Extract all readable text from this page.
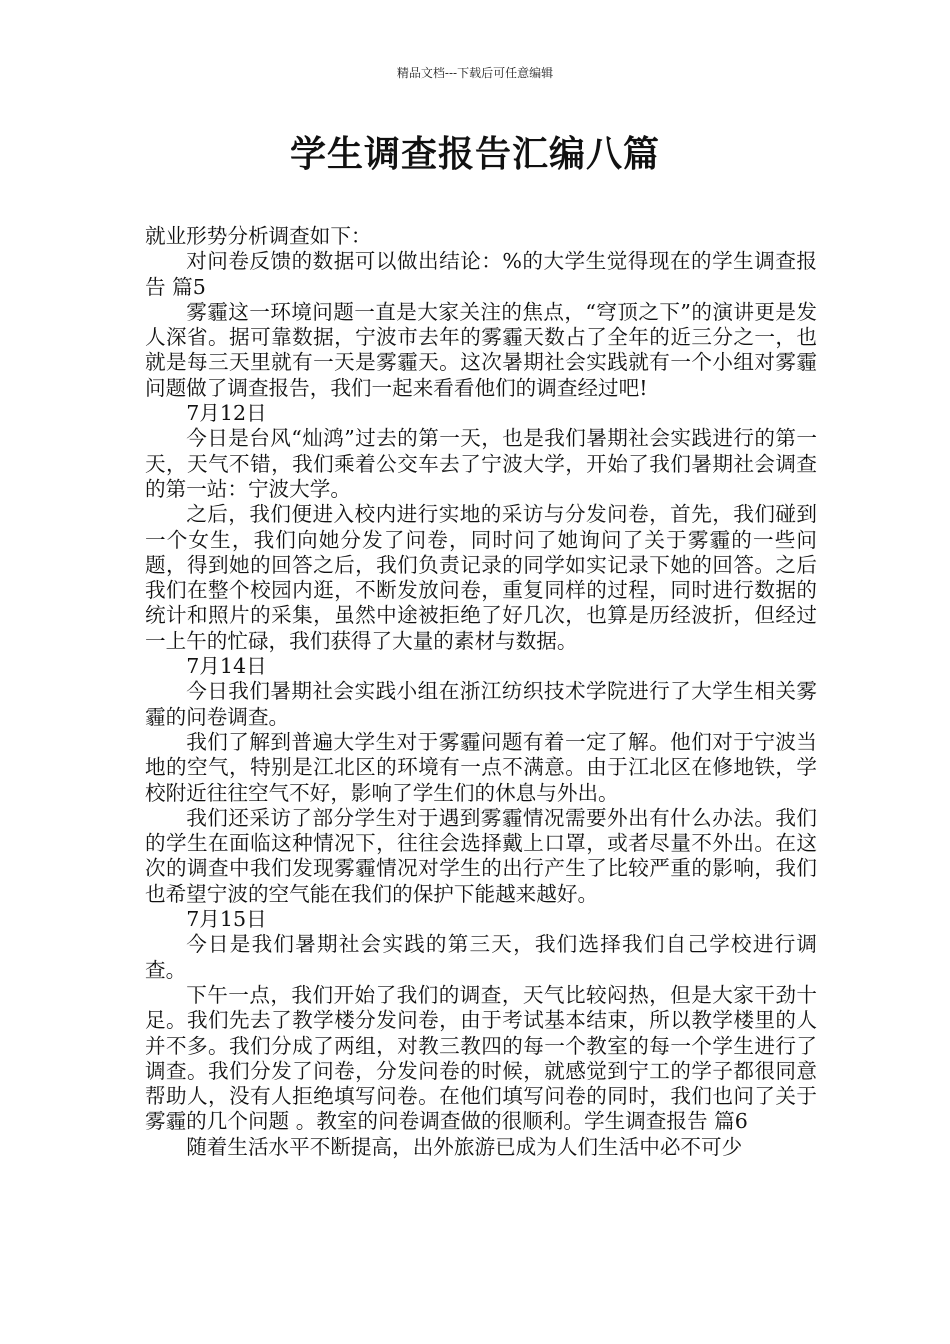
精品文档---下载后可任意编辑
学生调查报告汇编八篇

就业形势分析调查如下：

对问卷反馈的数据可以做出结论：%的大学生觉得现在的学生调查报告 篇5

雾霾这一环境问题一直是大家关注的焦点，“穹顶之下”的演讲更是发人深省。据可靠数据，宁波市去年的雾霾天数占了全年的近三分之一，也就是每三天里就有一天是雾霾天。这次暑期社会实践就有一个小组对雾霾问题做了调查报告，我们一起来看看他们的调查经过吧!

7月12日

今日是台风“灿鸿”过去的第一天，也是我们暑期社会实践进行的第一天，天气不错，我们乘着公交车去了宁波大学，开始了我们暑期社会调查的第一站：宁波大学。

之后，我们便进入校内进行实地的采访与分发问卷，首先，我们碰到一个女生，我们向她分发了问卷，同时问了她询问了关于雾霾的一些问题，得到她的回答之后，我们负责记录的同学如实记录下她的回答。之后我们在整个校园内逛，不断发放问卷，重复同样的过程，同时进行数据的统计和照片的采集，虽然中途被拒绝了好几次，也算是历经波折，但经过一上午的忙碌，我们获得了大量的素材与数据。

7月14日

今日我们暑期社会实践小组在浙江纺织技术学院进行了大学生相关雾霾的问卷调查。

我们了解到普遍大学生对于雾霾问题有着一定了解。他们对于宁波当地的空气，特别是江北区的环境有一点不满意。由于江北区在修地铁，学校附近往往空气不好，影响了学生们的休息与外出。

我们还采访了部分学生对于遇到雾霾情况需要外出有什么办法。我们的学生在面临这种情况下，往往会选择戴上口罩，或者尽量不外出。在这次的调查中我们发现雾霾情况对学生的出行产生了比较严重的影响，我们也希望宁波的空气能在我们的保护下能越来越好。

7月15日

今日是我们暑期社会实践的第三天，我们选择我们自己学校进行调查。

下午一点，我们开始了我们的调查，天气比较闷热，但是大家干劲十足。我们先去了教学楼分发问卷，由于考试基本结束，所以教学楼里的人并不多。我们分成了两组，对教三教四的每一个教室的每一个学生进行了调查。我们分发了问卷，分发问卷的时候，就感觉到宁工的学子都很同意帮助人，没有人拒绝填写问卷。在他们填写问卷的同时，我们也问了关于雾霾的几个问题 。教室的问卷调查做的很顺利。学生调查报告 篇6

随着生活水平不断提高，出外旅游已成为人们生活中必不可少
